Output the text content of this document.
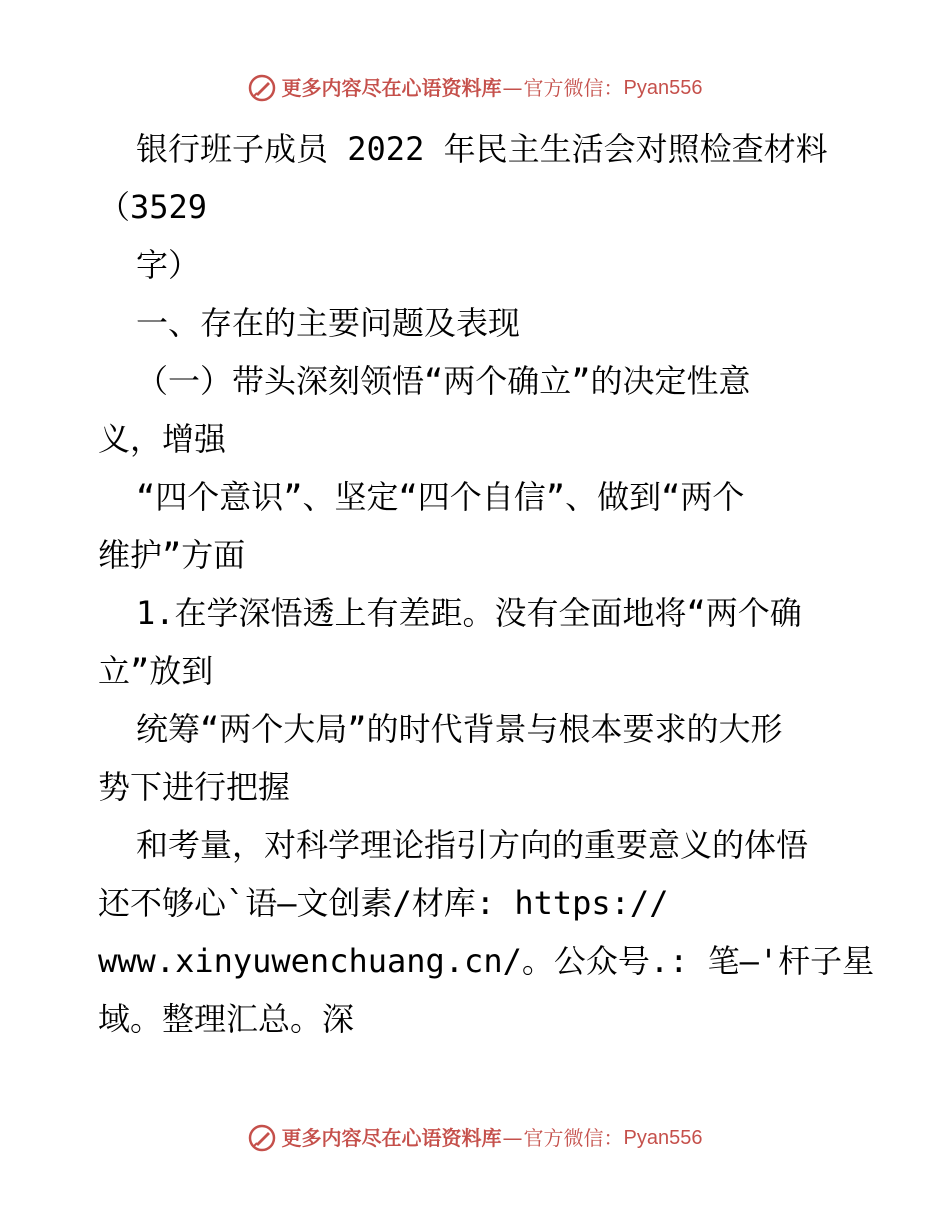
更多内容尽在心语资料库 — 官方微信： Pyan556
银行班子成员 2022 年民主生活会对照检查材料
（3529
字）
一、存在的主要问题及表现
（一）带头深刻领悟“两个确立”的决定性意
义，增强
“四个意识”、坚定“四个自信”、做到“两个
维护”方面
1.在学深悟透上有差距。没有全面地将“两个确
立”放到
统筹“两个大局”的时代背景与根本要求的大形
势下进行把握
和考量，对科学理论指引方向的重要意义的体悟
还不够心`语—文创素/材库: https://
www.xinyuwenchuang.cn/。公众号.: 笔—'杆子星
域。整理汇总。深
更多内容尽在心语资料库 — 官方微信： Pyan556
